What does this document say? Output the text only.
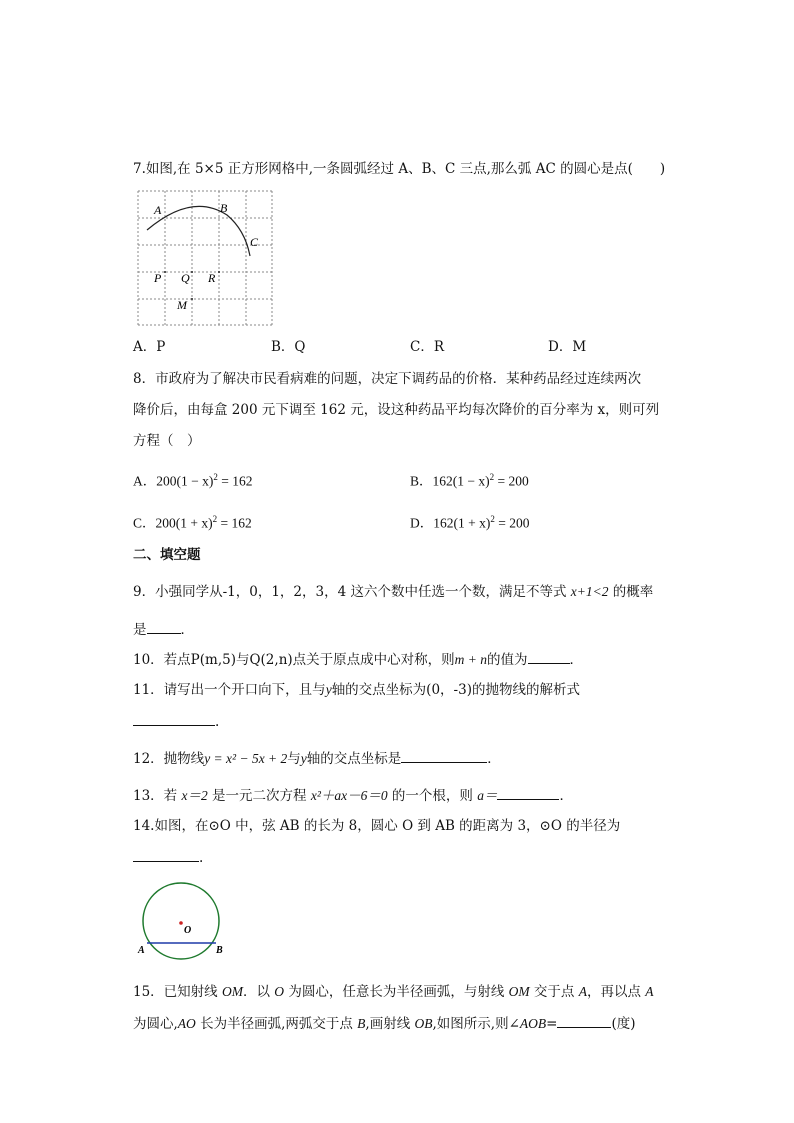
7.如图,在 5×5 正方形网格中,一条圆弧经过 A、B、C 三点,那么弧 AC 的圆心是点(　　)
A	B
C
P Q R
M
A．P	B．Q	C．R	D．M
8．市政府为了解决市民看病难的问题，决定下调药品的价格．某种药品经过连续两次
降价后，由每盒 200 元下调至 162 元，设这种药品平均每次降价的百分率为 x，则可列
方程（　）
A．$200(1 - x)^2 = 162$	B．$162(1 - x)^2 = 200$
C．$200(1 + x)^2 = 162$	D．$162(1 + x)^2 = 200$
二、填空题
9．小强同学从-1，0，1，2，3，4 这六个数中任选一个数，满足不等式 x+1<2 的概率
是	．
10．若点P(m,5)与Q(2,n)点关于原点成中心对称，则m + n的值为	．
11．请写出一个开口向下，且与y轴的交点坐标为(0，-3)的抛物线的解析式
.
12．抛物线y = x² − 5x + 2与y轴的交点坐标是	．
13．若 x＝2 是一元二次方程 x²＋ax－6＝0 的一个根，则 a＝	．
14.如图，在⊙O 中，弦 AB 的长为 8，圆心 O 到 AB 的距离为 3，⊙O 的半径为
.
O
A	B
15．已知射线 OM．以 O 为圆心，任意长为半径画弧，与射线 OM 交于点 A，再以点 A
为圆心,AO 长为半径画弧,两弧交于点 B,画射线 OB,如图所示,则∠AOB=	(度)
